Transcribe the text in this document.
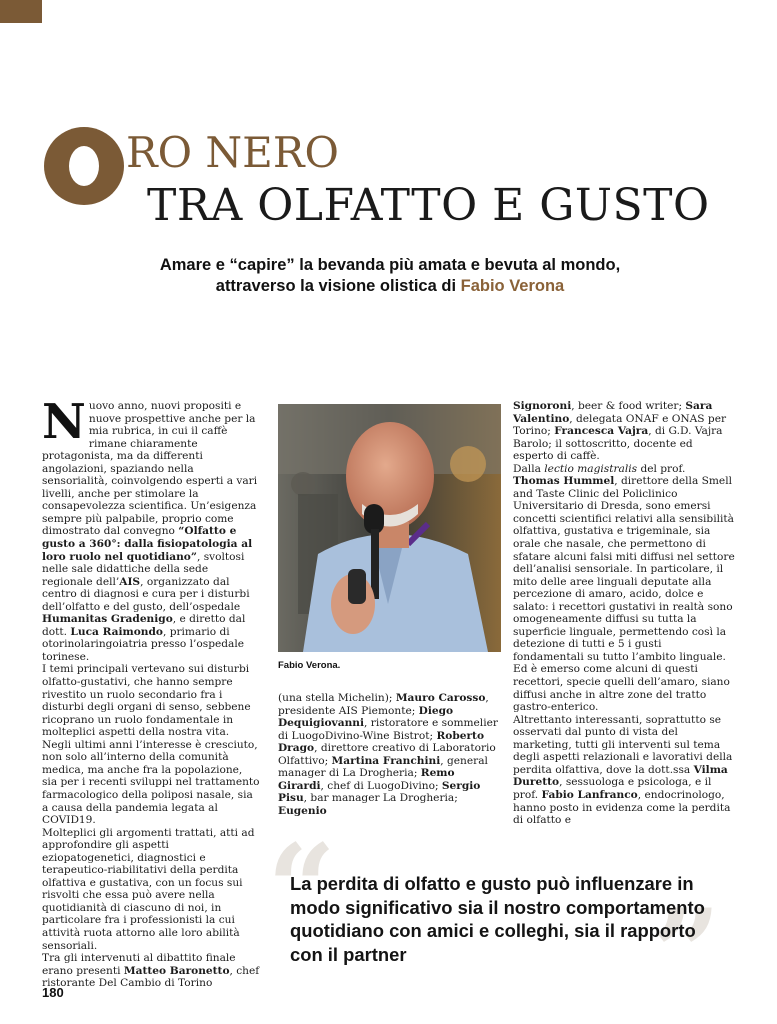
RO NERO
TRA OLFATTO E GUSTO
Amare e “capire” la bevanda più amata e bevuta al mondo,
attraverso la visione olistica di Fabio Verona

N uovo anno, nuovi propositi e nuove prospettive anche per la mia rubrica, in cui il caffè rimane chiaramente protagonista, ma da differenti angolazioni, spaziando nella sensorialità, coinvolgendo esperti a vari livelli, anche per stimolare la consapevolezza scientifica. Un’esigenza sempre più palpabile, proprio come dimostrato dal convegno “Olfatto e gusto a 360°: dalla fisiopatologia al loro ruolo nel quotidiano”, svoltosi nelle sale didattiche della sede regionale dell’AIS, organizzato dal centro di diagnosi e cura per i disturbi dell’olfatto e del gusto, dell’ospedale Humanitas Gradenigo, e diretto dal dott. Luca Raimondo, primario di otorinolaringoiatria presso l’ospedale torinese.
I temi principali vertevano sui disturbi olfatto-gustativi, che hanno sempre rivestito un ruolo secondario fra i disturbi degli organi di senso, sebbene ricoprano un ruolo fondamentale in molteplici aspetti della nostra vita.
Negli ultimi anni l’interesse è cresciuto, non solo all’interno della comunità medica, ma anche fra la popolazione, sia per i recenti sviluppi nel trattamento farmacologico della poliposi nasale, sia a causa della pandemia legata al COVID19.
Molteplici gli argomenti trattati, atti ad approfondire gli aspetti eziopatogenetici, diagnostici e terapeutico-riabilitativi della perdita olfattiva e gustativa, con un focus sui risvolti che essa può avere nella quotidianità di ciascuno di noi, in particolare fra i professionisti la cui attività ruota attorno alle loro abilità sensoriali.
Tra gli intervenuti al dibattito finale erano presenti Matteo Baronetto, chef ristorante Del Cambio di Torino

Fabio Verona.

(una stella Michelin); Mauro Carosso, presidente AIS Piemonte; Diego Dequigiovanni, ristoratore e sommelier di LuogoDivino-Wine Bistrot; Roberto Drago, direttore creativo di Laboratorio Olfattivo; Martina Franchini, general manager di La Drogheria; Remo Girardi, chef di LuogoDivino; Sergio Pisu, bar manager La Drogheria; Eugenio

Signoroni, beer & food writer; Sara Valentino, delegata ONAF e ONAS per Torino; Francesca Vajra, di G.D. Vajra Barolo; il sottoscritto, docente ed esperto di caffè.
Dalla lectio magistralis del prof. Thomas Hummel, direttore della Smell and Taste Clinic del Policlinico Universitario di Dresda, sono emersi concetti scientifici relativi alla sensibilità olfattiva, gustativa e trigeminale, sia orale che nasale, che permettono di sfatare alcuni falsi miti diffusi nel settore dell’analisi sensoriale. In particolare, il mito delle aree linguali deputate alla percezione di amaro, acido, dolce e salato: i recettori gustativi in realtà sono omogeneamente diffusi su tutta la superficie linguale, permettendo così la detezione di tutti e 5 i gusti fondamentali su tutto l’ambito linguale. Ed è emerso come alcuni di questi recettori, specie quelli dell’amaro, siano diffusi anche in altre zone del tratto gastro-enterico.
Altrettanto interessanti, soprattutto se osservati dal punto di vista del marketing, tutti gli interventi sul tema degli aspetti relazionali e lavorativi della perdita olfattiva, dove la dott.ssa Vilma Duretto, sessuologa e psicologa, e il prof. Fabio Lanfranco, endocrinologo, hanno posto in evidenza come la perdita di olfatto e

“	”
La perdita di olfatto e gusto può influenzare in modo significativo sia il nostro comportamento quotidiano con amici e colleghi, sia il rapporto con il partner
180
